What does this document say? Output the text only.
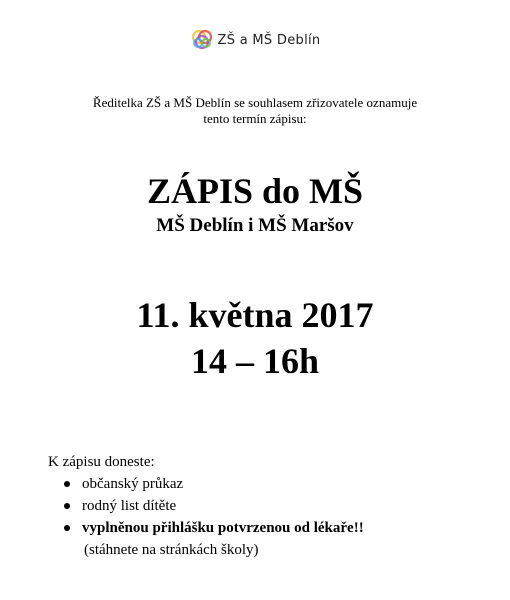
ZŠ a MŠ Deblín
Ředitelka ZŠ a MŠ Deblín se souhlasem zřizovatele oznamuje
tento termín zápisu:
ZÁPIS do MŠ
MŠ Deblín i MŠ Maršov
11. května 2017
14 – 16h

K zápisu doneste:

občanský průkaz
rodný list dítěte
vyplněnou přihlášku potvrzenou od lékaře!!

(stáhnete na stránkách školy)
